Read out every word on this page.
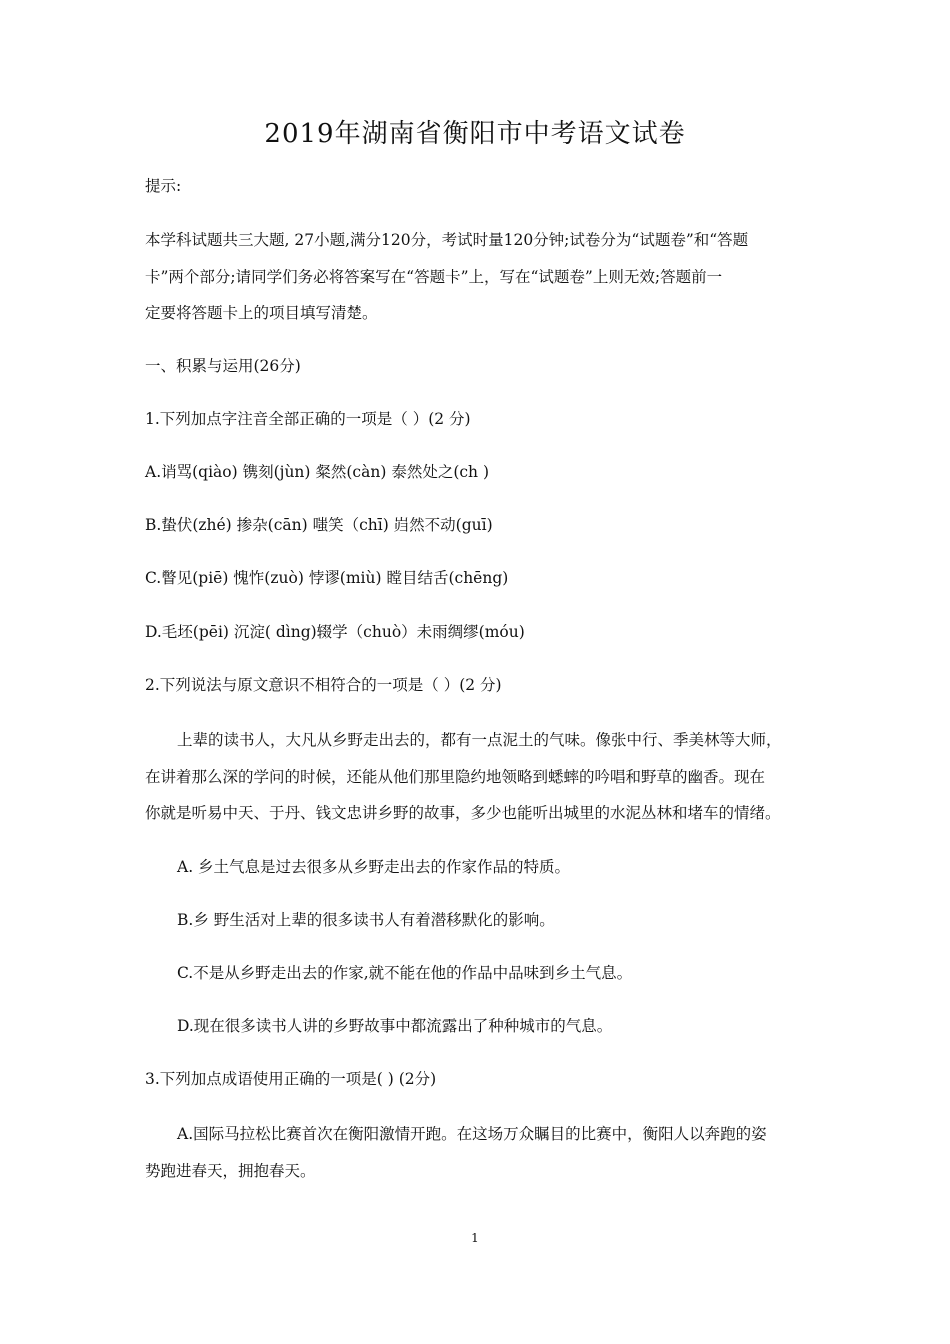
2019年湖南省衡阳市中考语文试卷
提示:
本学科试题共三大题, 27小题,满分120分，考试时量120分钟;试卷分为“试题卷”和“答题
卡”两个部分;请同学们务必将答案写在“答题卡”上，写在“试题卷”上则无效;答题前一
定要将答题卡上的项目填写清楚。
一、积累与运用(26分)
1.下列加点字注音全部正确的一项是（ ）(2 分)
A.诮骂(qiào) 镌刻(jùn) 粲然(càn) 泰然处之(ch )
B.蛰伏(zhé) 掺杂(cān) 嗤笑（chī) 岿然不动(guī)
C.瞥见(piē) 愧怍(zuò) 悖谬(miù) 瞠目结舌(chēng)
D.毛坯(pēi) 沉淀( dìng)辍学（chuò）未雨绸缪(móu)
2.下列说法与原文意识不相符合的一项是（ ）(2 分)
上辈的读书人，大凡从乡野走出去的，都有一点泥土的气味。像张中行、季美林等大师，
在讲着那么深的学问的时候，还能从他们那里隐约地领略到蟋蟀的吟唱和野草的幽香。现在
你就是听易中天、于丹、钱文忠讲乡野的故事，多少也能听出城里的水泥丛林和堵车的情绪。
A. 乡土气息是过去很多从乡野走出去的作家作品的特质。
B.乡 野生活对上辈的很多读书人有着潜移默化的影响。
C.不是从乡野走出去的作家,就不能在他的作品中品味到乡土气息。
D.现在很多读书人讲的乡野故事中都流露出了种种城市的气息。
3.下列加点成语使用正确的一项是( ) (2分)
A.国际马拉松比赛首次在衡阳激情开跑。在这场万众瞩目的比赛中，衡阳人以奔跑的姿
势跑进春天，拥抱春天。
1
